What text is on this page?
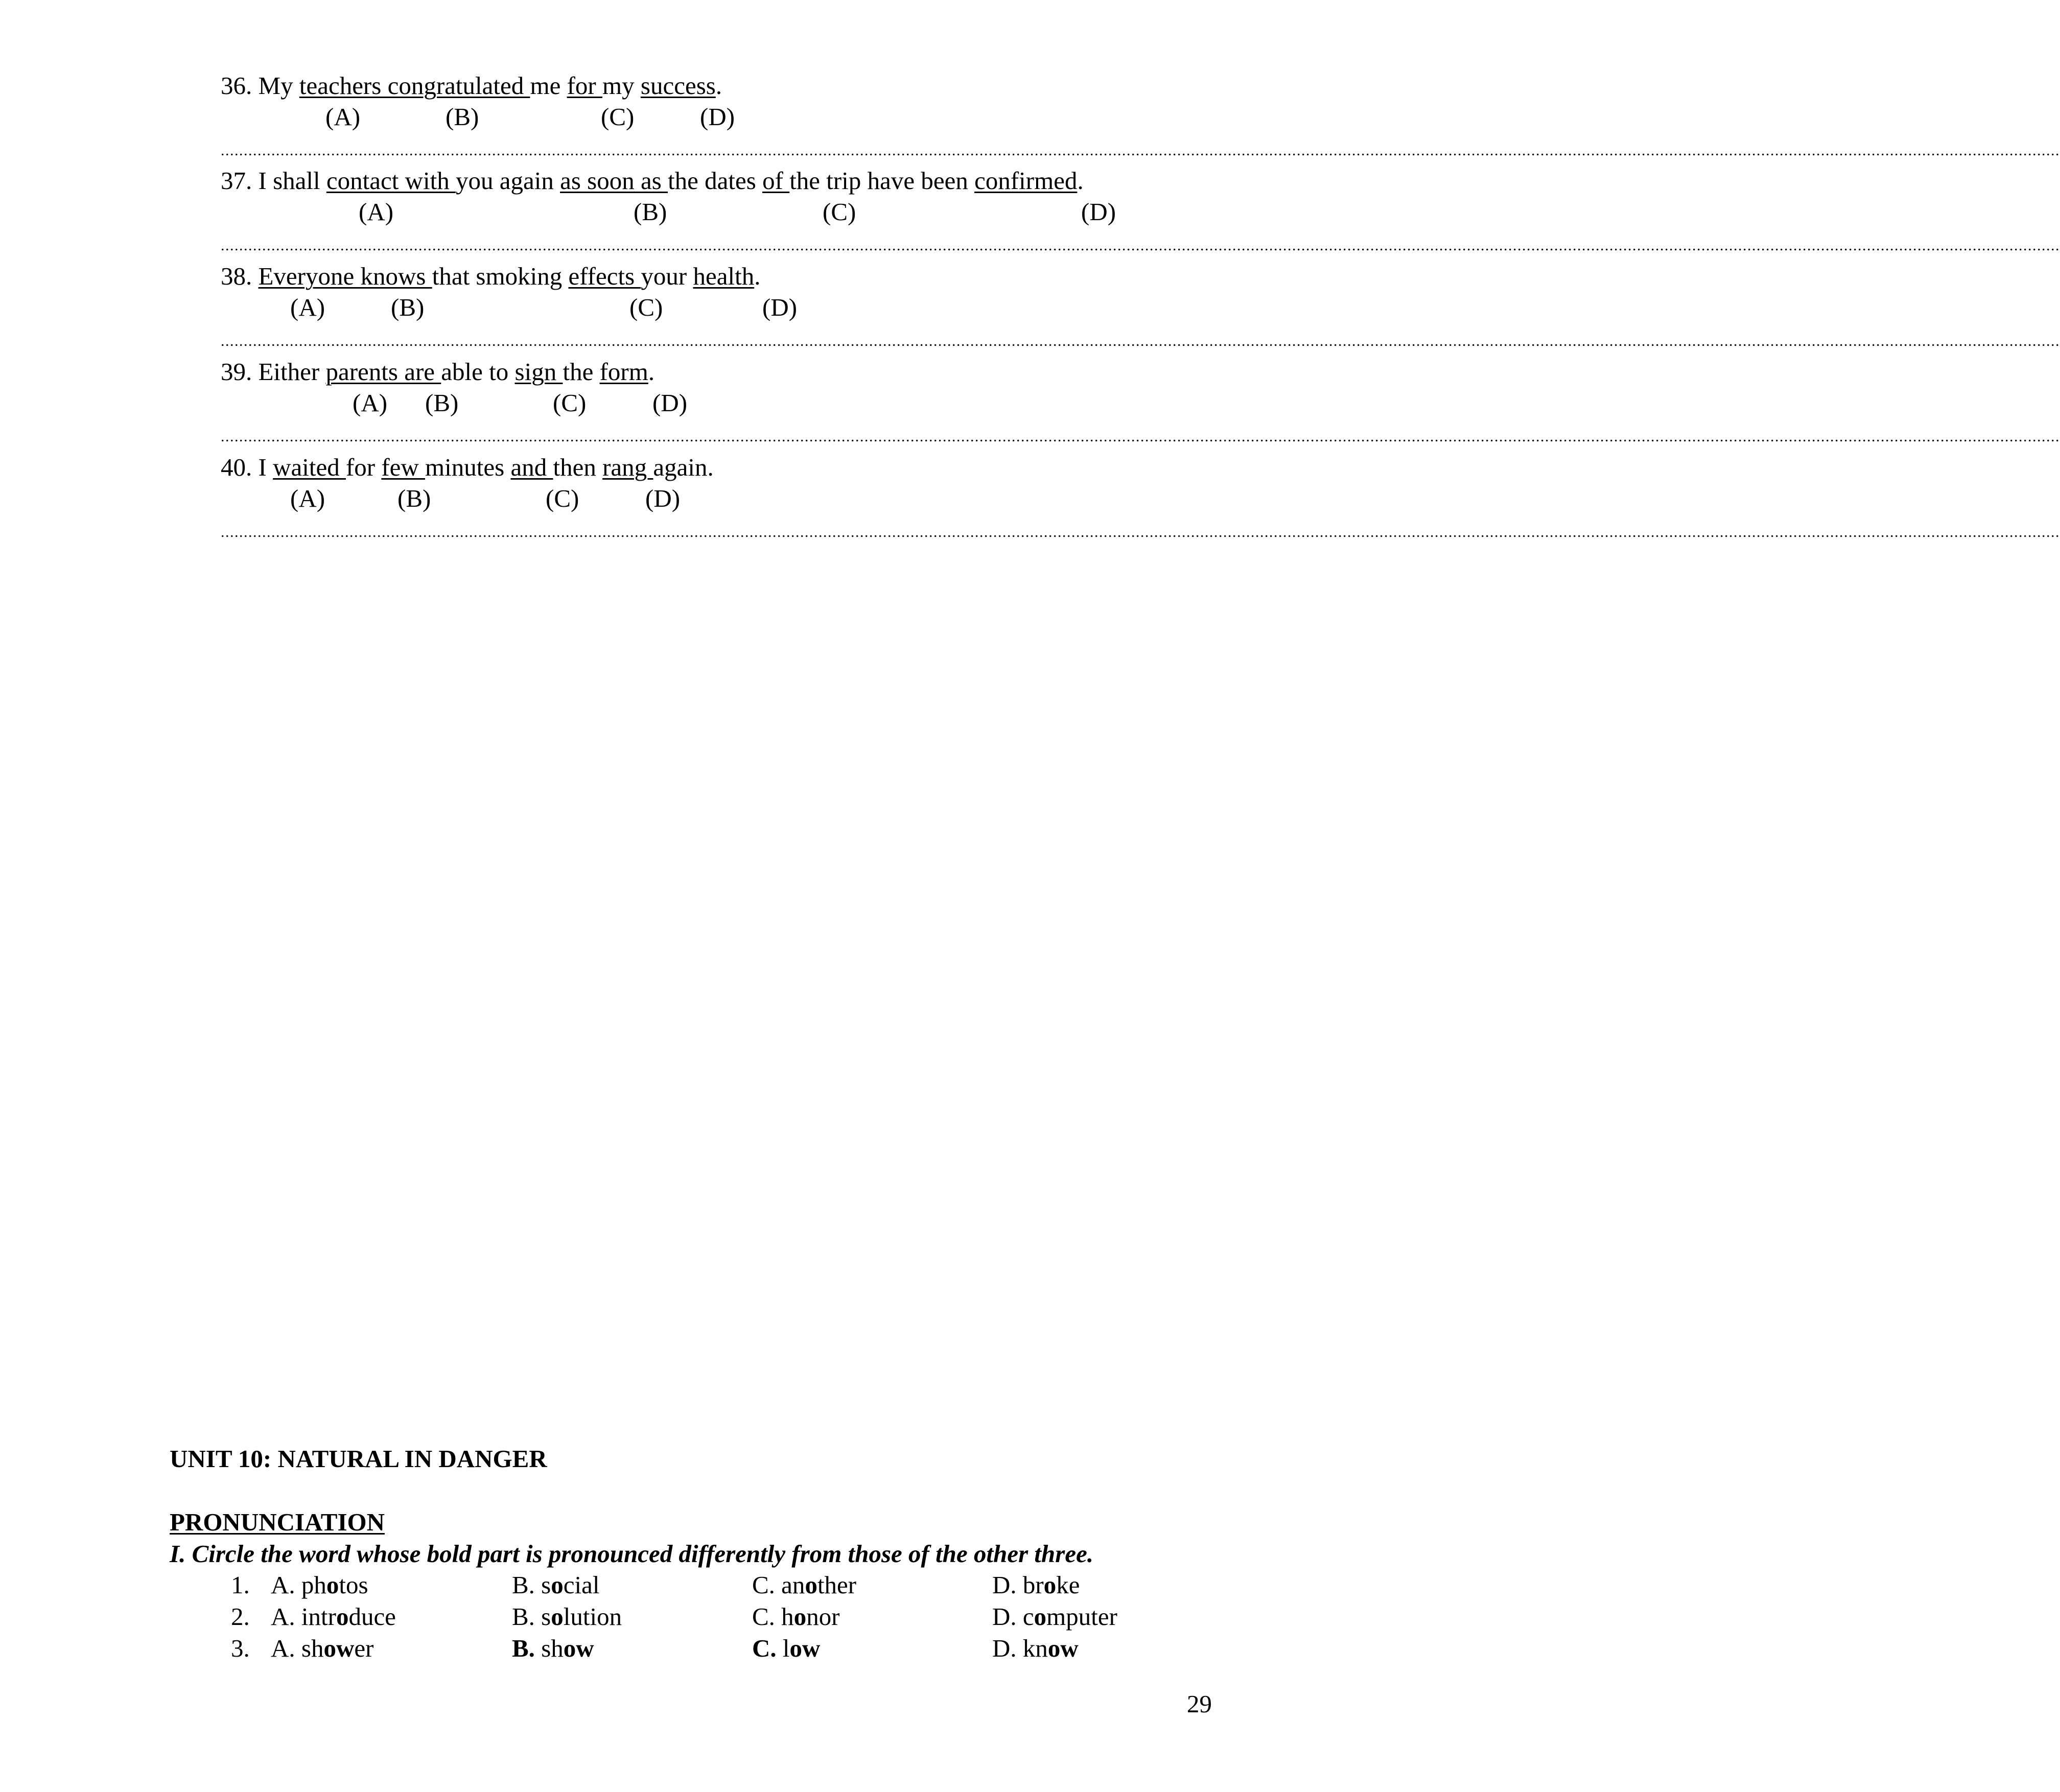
36. My teachers congratulated me for my success.
(A)	(B)	(C)	(D)
................................................................................................................................................................................................................................................................................................................................................................................................................
37. I shall contact with you again as soon as the dates of the trip have been confirmed.
(A)	(B)	(C)	(D)
................................................................................................................................................................................................................................................................................................................................................................................................................
38. Everyone knows that smoking effects your health.
(A)	(B)	(C)	(D)
................................................................................................................................................................................................................................................................................................................................................................................................................
39. Either parents are able to sign the form.
(A) (B)	(C)	(D)
................................................................................................................................................................................................................................................................................................................................................................................................................
40. I waited for few minutes and then rang again.
(A)	(B)	(C)	(D)
................................................................................................................................................................................................................................................................................................................................................................................................................
UNIT 10: NATURAL IN DANGER
PRONUNCIATION
I. Circle the word whose bold part is pronounced differently from those of the other three.
1. A. photos	B. social	C. another	D. broke
2. A. introduce	B. solution	C. honor	D. computer
3. A. shower	B. show	C. low	D. know
29
